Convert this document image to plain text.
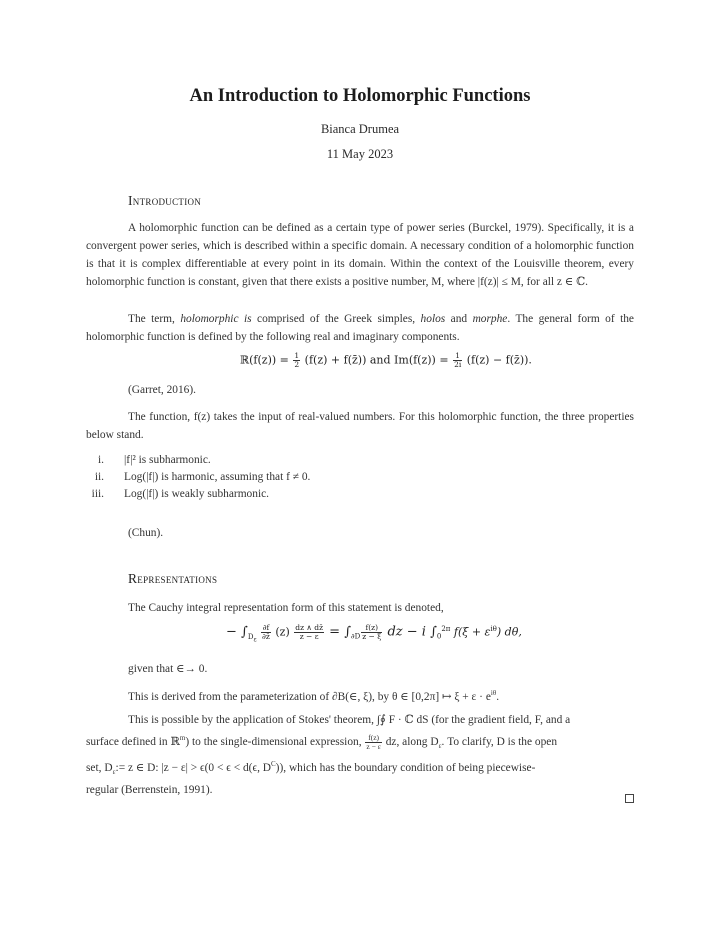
An Introduction to Holomorphic Functions
Bianca Drumea
11 May 2023
Introduction

A holomorphic function can be defined as a certain type of power series (Burckel, 1979). Specifically, it is a convergent power series, which is described within a specific domain. A necessary condition of a holomorphic function is that it is complex differentiable at every point in its domain. Within the context of the Louisville theorem, every holomorphic function is constant, given that there exists a positive number, M, where |f(z)| ≤ M, for all z ∈ ℂ.

The term, holomorphic is comprised of the Greek simples, holos and morphe. The general form of the holomorphic function is defined by the following real and imaginary components.

ℝ(f(z)) = $\frac{1}{2} (f(z)$ + f(z̄)) and $Im(f(z)) = \frac{1}{2i} (f(z)$ − f(z̄)).
(Garret, 2016).

The function, f(z) takes the input of real-valued numbers. For this holomorphic function, the three properties below stand.

i. |f|² is subharmonic.
ii. Log(|f|) is harmonic, assuming that f ≠ 0.
iii. Log(|f|) is weakly subharmonic.
(Chun).
Representations
The Cauchy integral representation form of this statement is denoted,
− $\int_{D_\varepsilon} \frac{\partial f}{\partial z̄} (z) \frac{dz \wedge dz̄}{z - \varepsilon} = \int_{\partial D} \frac{f(z)}{z - \xi}$ dz − i $\int_0^{2\pi}$ $f(\xi + \varepsilon^{i\theta})$ dθ,
given that ∈→ 0.
This is derived from the parameterization of ∂B(∈, ξ), by θ ∈ [0,2π] ↦ $\xi + \varepsilon \cdot e^{i\theta}$.
This is possible by the application of Stokes' theorem, ∫∮ F · ℂ dS (for the gradient field, F, and a
surface defined in ℝ$^m$) to the single-dimensional expression, $\frac{f(z)}{z - \varepsilon}$ dz, along $D_\varepsilon$. To clarify, D is the open
set, $D_\varepsilon:= z$ ∈ D: |z − ε| > ϵ(0 < ϵ < d(ϵ, $D^C$)), which has the boundary condition of being piecewise-
regular (Berrenstein, 1991).
